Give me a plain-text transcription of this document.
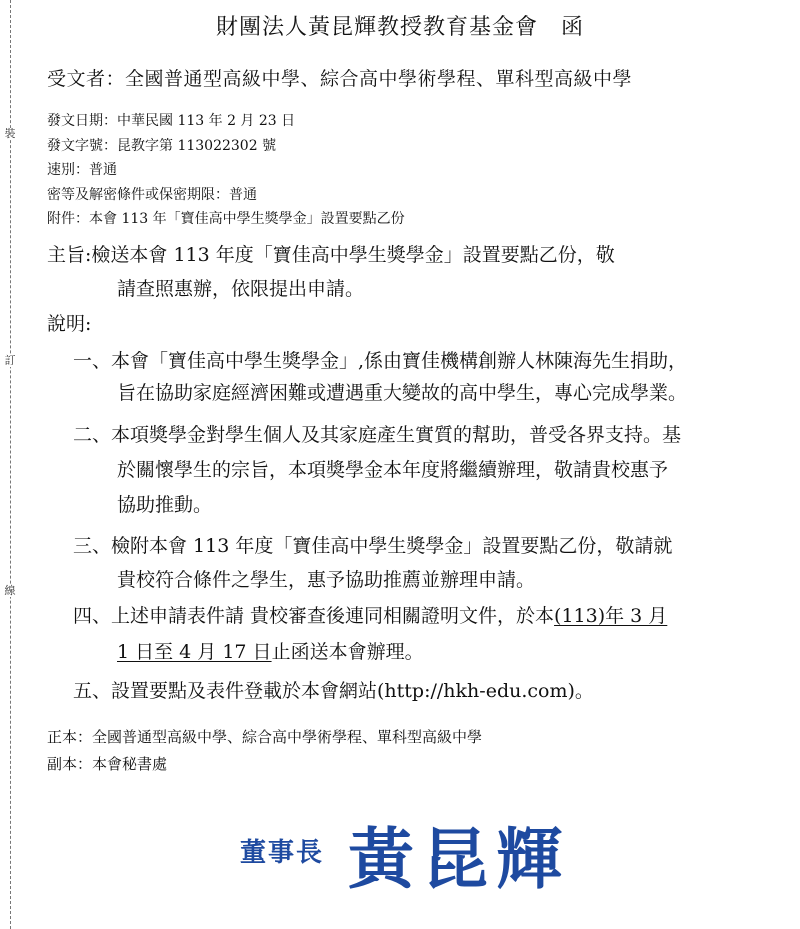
裝
訂
線
財團法人黃昆輝教授教育基金會　函
受文者：全國普通型高級中學、綜合高中學術學程、單科型高級中學
發文日期：中華民國 113 年 2 月 23 日
發文字號：昆教字第 113022302 號
速別：普通
密等及解密條件或保密期限：普通
附件：本會 113 年「寶佳高中學生獎學金」設置要點乙份
主旨:檢送本會 113 年度「寶佳高中學生獎學金」設置要點乙份，敬
請查照惠辦，依限提出申請。
說明:
一、本會「寶佳高中學生獎學金」,係由寶佳機構創辦人林陳海先生捐助，
旨在協助家庭經濟困難或遭遇重大變故的高中學生，專心完成學業。
二、本項獎學金對學生個人及其家庭產生實質的幫助，普受各界支持。基
於關懷學生的宗旨，本項獎學金本年度將繼續辦理，敬請貴校惠予
協助推動。
三、檢附本會 113 年度「寶佳高中學生獎學金」設置要點乙份，敬請就
貴校符合條件之學生，惠予協助推薦並辦理申請。
四、上述申請表件請 貴校審查後連同相關證明文件，於本(113)年 3 月
1 日至 4 月 17 日止函送本會辦理。
五、設置要點及表件登載於本會網站(http://hkh-edu.com)。
正本：全國普通型高級中學、綜合高中學術學程、單科型高級中學
副本：本會秘書處
董事長 黃昆輝
